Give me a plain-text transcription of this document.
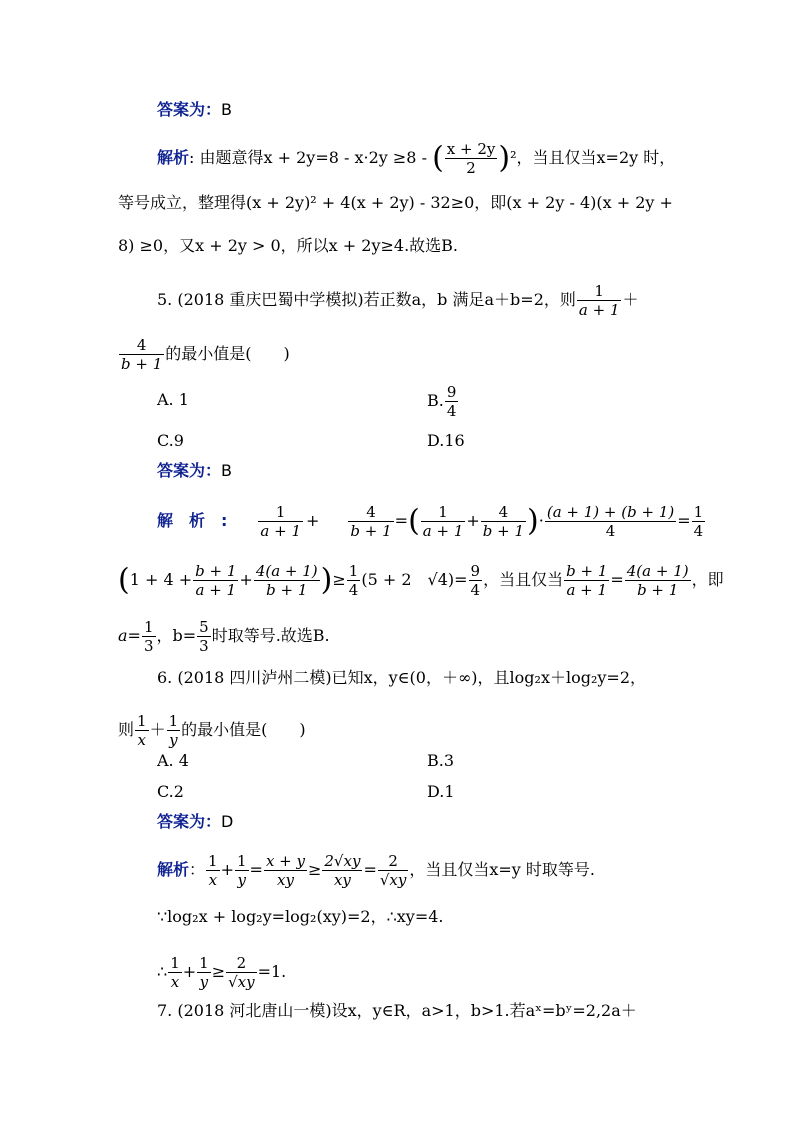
答案为：B
解析: 由题意得x + 2y=8 - x·2y ≥8 - ( $\frac{x + 2y}{2} )^2$，当且仅当x=2y 时，
等号成立，整理得(x + 2y)² + 4(x + 2y) - 32≥0，即(x + 2y - 4)(x + 2y +
8) ≥0，又x + 2y > 0，所以x + 2y≥4.故选B.
5. (2018 重庆巴蜀中学模拟)若正数a，b 满足a＋b=2，则 $\frac{1}{a + 1}$ ＋
$\frac{4}{b + 1}$ 的最小值是(　　)
A. 1	B. $\frac{9}{4}$
C.9	D.16
答案为：B
解　析　: $\frac{1}{a + 1} + \frac{4}{b + 1}$ =( $\frac{1}{a + 1} + \frac{4}{b + 1}$ )· $\frac{(a + 1) + (b + 1)}{4} = \frac{1}{4}$
($1 + 4 + \frac{b + 1}{a + 1} + \frac{4(a + 1)}{b + 1}$ )≥ $\frac{1}{4} (5 + 2$　$√4)= \frac{9}{4}$ ，当且仅当 $\frac{b + 1}{a + 1} = \frac{4(a + 1)}{b + 1}$ ，即
$a= \frac{1}{3}$ ，$b= \frac{5}{3}$ 时取等号.故选B.
6. (2018 四川泸州二模)已知x，y∈(0，＋∞)，且log₂x＋log₂y=2，
则 $\frac{1}{x} + \frac{1}{y}$ 的最小值是(　　)
A. 4	B.3
C.2	D.1
答案为：D
解析： $\frac{1}{x} + \frac{1}{y} = \frac{x + y}{xy} \ge \frac{2√xy}{xy} = \frac{2}{√xy}$ ，当且仅当x=y 时取等号.
∵log₂x + log₂y=log₂(xy)=2，∴xy=4.
∴ $\frac{1}{x} + \frac{1}{y} \ge \frac{2}{√xy} =1$.
7. (2018 河北唐山一模)设x，y∈R，a>1，b>1.若aˣ=bʸ=2,2a＋
